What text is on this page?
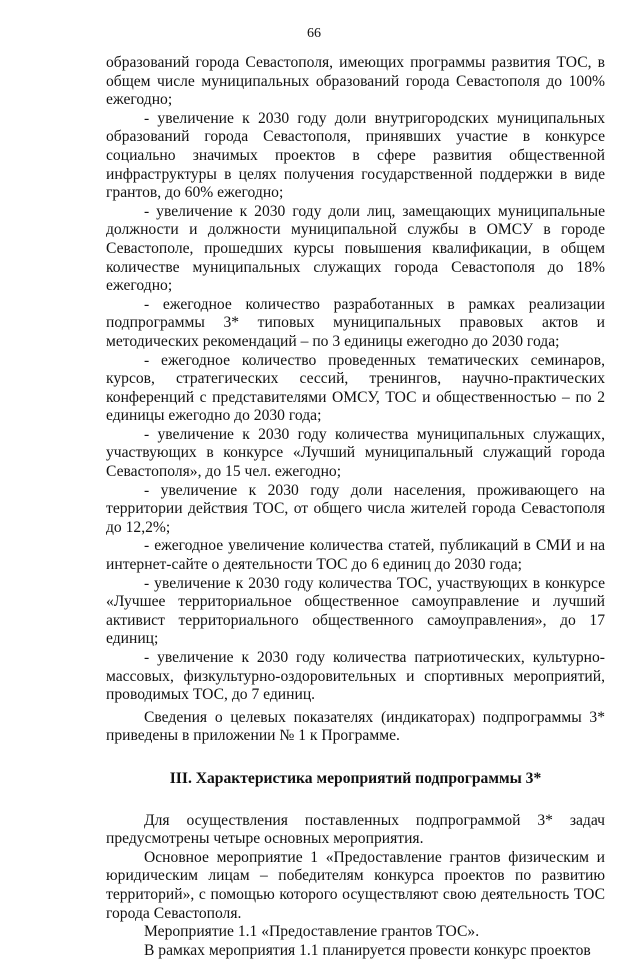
66

образований города Севастополя, имеющих программы развития ТОС, в общем числе муниципальных образований города Севастополя до 100% ежегодно;

- увеличение к 2030 году доли внутригородских муниципальных образований города Севастополя, принявших участие в конкурсе социально значимых проектов в сфере развития общественной инфраструктуры в целях получения государственной поддержки в виде грантов, до 60% ежегодно;

- увеличение к 2030 году доли лиц, замещающих муниципальные должности и должности муниципальной службы в ОМСУ в городе Севастополе, прошедших курсы повышения квалификации, в общем количестве муниципальных служащих города Севастополя до 18% ежегодно;

- ежегодное количество разработанных в рамках реализации подпрограммы 3* типовых муниципальных правовых актов и методических рекомендаций – по 3 единицы ежегодно до 2030 года;

- ежегодное количество проведенных тематических семинаров, курсов, стратегических сессий, тренингов, научно-практических конференций с представителями ОМСУ, ТОС и общественностью – по 2 единицы ежегодно до 2030 года;

- увеличение к 2030 году количества муниципальных служащих, участвующих в конкурсе «Лучший муниципальный служащий города Севастополя», до 15 чел. ежегодно;

- увеличение к 2030 году доли населения, проживающего на территории действия ТОС, от общего числа жителей города Севастополя до 12,2%;

- ежегодное увеличение количества статей, публикаций в СМИ и на интернет-сайте о деятельности ТОС до 6 единиц до 2030 года;

- увеличение к 2030 году количества ТОС, участвующих в конкурсе «Лучшее территориальное общественное самоуправление и лучший активист территориального общественного самоуправления», до 17 единиц;

- увеличение к 2030 году количества патриотических, культурно-массовых, физкультурно-оздоровительных и спортивных мероприятий, проводимых ТОС, до 7 единиц.

Сведения о целевых показателях (индикаторах) подпрограммы 3* приведены в приложении № 1 к Программе.

III. Характеристика мероприятий подпрограммы 3*

Для осуществления поставленных подпрограммой 3* задач предусмотрены четыре основных мероприятия.

Основное мероприятие 1 «Предоставление грантов физическим и юридическим лицам – победителям конкурса проектов по развитию территорий», с помощью которого осуществляют свою деятельность ТОС города Севастополя.

Мероприятие 1.1 «Предоставление грантов ТОС».

В рамках мероприятия 1.1 планируется провести конкурс проектов
